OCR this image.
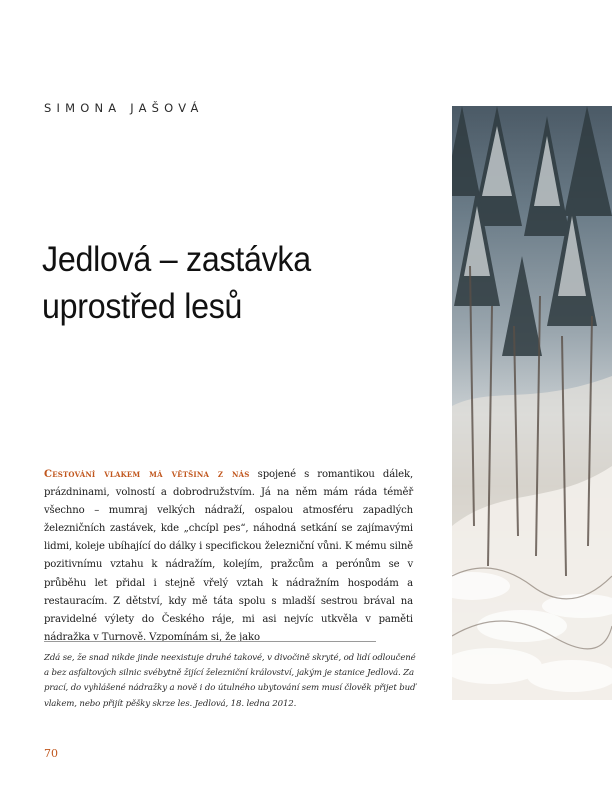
SIMONA JAŠOVÁ
Jedlová – zastávka
uprostřed lesů

Cestování vlakem má většina z nás spojené s romantikou dálek, prázdninami, volností a dobrodružstvím. Já na něm mám ráda téměř všechno – mumraj velkých nádraží, ospalou atmosféru zapadlých železničních zastávek, kde „chcípl pes“, náhodná setkání se zajímavými lidmi, koleje ubíhající do dálky i specifickou železniční vůni. K mému silně pozitivnímu vztahu k nádražím, kolejím, pražcům a perónům se v průběhu let přidal i stejně vřelý vztah k nádražním hospodám a restauracím. Z dětství, kdy mě táta spolu s mladší sestrou brával na pravidelné výlety do Českého ráje, mi asi nejvíc utkvěla v paměti nádražka v Turnově. Vzpomínám si, že jako

Zdá se, že snad nikde jinde neexistuje druhé takové, v divočině skryté, od lidí odloučené a bez asfaltových silnic svébytně žijící železniční království, jakým je stanice Jedlová. Za prací, do vyhlášené nádražky a nově i do útulného ubytování sem musí člověk přijet buď vlakem, nebo přijít pěšky skrze les. Jedlová, 18. ledna 2012.

70
